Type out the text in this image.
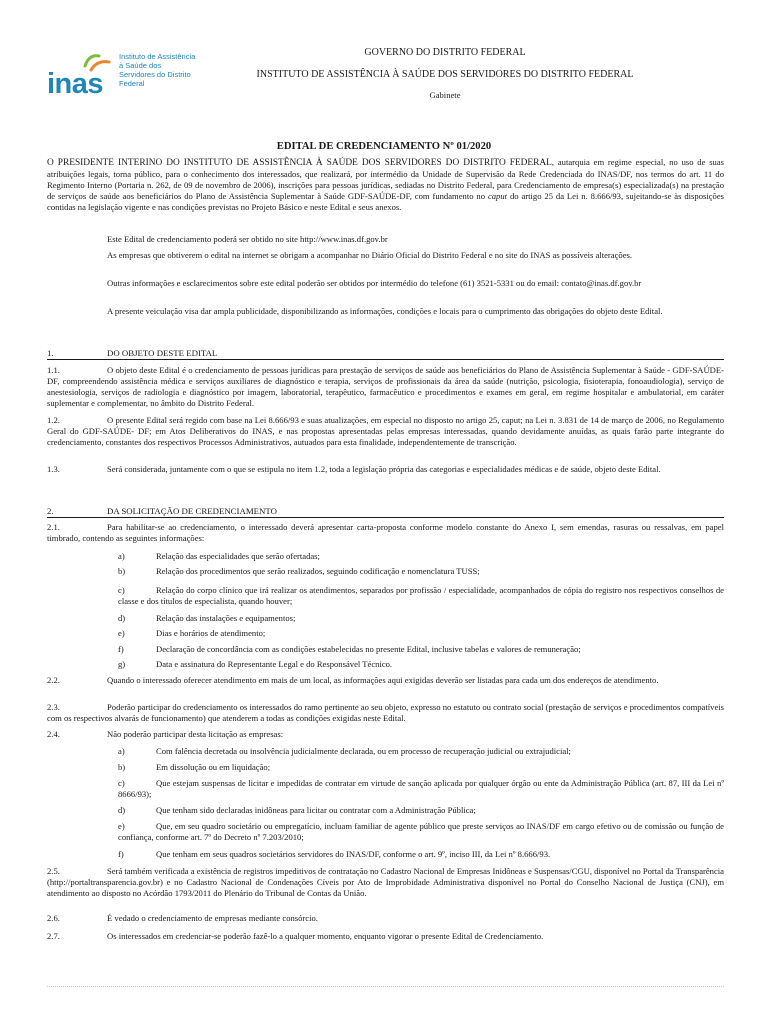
inas
Instituto de Assistência à Saúde dos Servidores do Distrito Federal
GOVERNO DO DISTRITO FEDERAL
INSTITUTO DE ASSISTÊNCIA À SAÚDE DOS SERVIDORES DO DISTRITO FEDERAL
Gabinete
EDITAL DE CREDENCIAMENTO Nº 01/2020
O PRESIDENTE INTERINO DO INSTITUTO DE ASSISTÊNCIA À SAÚDE DOS SERVIDORES DO DISTRITO FEDERAL, autarquia em regime especial, no uso de suas atribuições legais, torna público, para o conhecimento dos interessados, que realizará, por intermédio da Unidade de Supervisão da Rede Credenciada do INAS/DF, nos termos do art. 11 do Regimento Interno (Portaria n. 262, de 09 de novembro de 2006), inscrições para pessoas jurídicas, sediadas no Distrito Federal, para Credenciamento de empresa(s) especializada(s) na prestação de serviços de saúde aos beneficiários do Plano de Assistência Suplementar à Saúde GDF-SAÚDE-DF, com fundamento no caput do artigo 25 da Lei n. 8.666/93, sujeitando-se às disposições contidas na legislação vigente e nas condições previstas no Projeto Básico e neste Edital e seus anexos.
Este Edital de credenciamento poderá ser obtido no site http://www.inas.df.gov.br
As empresas que obtiverem o edital na internet se obrigam a acompanhar no Diário Oficial do Distrito Federal e no site do INAS as possíveis alterações.
Outras informações e esclarecimentos sobre este edital poderão ser obtidos por intermédio do telefone (61) 3521-5331 ou do email: contato@inas.df.gov.br
A presente veiculação visa dar ampla publicidade, disponibilizando as informações, condições e locais para o cumprimento das obrigações do objeto deste Edital.
1.	DO OBJETO DESTE EDITAL
1.1.	O objeto deste Edital é o credenciamento de pessoas jurídicas para prestação de serviços de saúde aos beneficiários do Plano de Assistência Suplementar à Saúde - GDF-SAÚDE-DF, compreendendo assistência médica e serviços auxiliares de diagnóstico e terapia, serviços de profissionais da área da saúde (nutrição, psicologia, fisioterapia, fonoaudiologia), serviço de anestesiologia, serviços de radiologia e diagnóstico por imagem, laboratorial, terapêutico, farmacêutico e procedimentos e exames em geral, em regime hospitalar e ambulatorial, em caráter suplementar e complementar, no âmbito do Distrito Federal.
1.2.	O presente Edital será regido com base na Lei 8.666/93 e suas atualizações, em especial no disposto no artigo 25, caput; na Lei n. 3.831 de 14 de março de 2006, no Regulamento Geral do GDF-SAÚDE- DF; em Atos Deliberativos do INAS, e nas propostas apresentadas pelas empresas interessadas, quando devidamente anuídas, as quais farão parte integrante do credenciamento, constantes dos respectivos Processos Administrativos, autuados para esta finalidade, independentemente de transcrição.
1.3.	Será considerada, juntamente com o que se estipula no item 1.2, toda a legislação própria das categorias e especialidades médicas e de saúde, objeto deste Edital.
2.	DA SOLICITAÇÃO DE CREDENCIAMENTO
2.1.	Para habilitar-se ao credenciamento, o interessado deverá apresentar carta-proposta conforme modelo constante do Anexo I, sem emendas, rasuras ou ressalvas, em papel timbrado, contendo as seguintes informações:
a)	Relação das especialidades que serão ofertadas;
b)	Relação dos procedimentos que serão realizados, seguindo codificação e nomenclatura TUSS;
c)	Relação do corpo clínico que irá realizar os atendimentos, separados por profissão / especialidade, acompanhados de cópia do registro nos respectivos conselhos de classe e dos títulos de especialista, quando houver;
d)	Relação das instalações e equipamentos;
e)	Dias e horários de atendimento;
f)	Declaração de concordância com as condições estabelecidas no presente Edital, inclusive tabelas e valores de remuneração;
g)	Data e assinatura do Representante Legal e do Responsável Técnico.
2.2.	Quando o interessado oferecer atendimento em mais de um local, as informações aqui exigidas deverão ser listadas para cada um dos endereços de atendimento.
2.3.	Poderão participar do credenciamento os interessados do ramo pertinente ao seu objeto, expresso no estatuto ou contrato social (prestação de serviços e procedimentos compatíveis com os respectivos alvarás de funcionamento) que atenderem a todas as condições exigidas neste Edital.
2.4.	Não poderão participar desta licitação as empresas:
a)	Com falência decretada ou insolvência judicialmente declarada, ou em processo de recuperação judicial ou extrajudicial;
b)	Em dissolução ou em liquidação;
c)	Que estejam suspensas de licitar e impedidas de contratar em virtude de sanção aplicada por qualquer órgão ou ente da Administração Pública (art. 87, III da Lei nº 8666/93);
d)	Que tenham sido declaradas inidôneas para licitar ou contratar com a Administração Pública;
e)	Que, em seu quadro societário ou empregatício, incluam familiar de agente público que preste serviços ao INAS/DF em cargo efetivo ou de comissão ou função de confiança, conforme art. 7º do Decreto nº 7.203/2010;
f)	Que tenham em seus quadros societários servidores do INAS/DF, conforme o art. 9º, inciso III, da Lei nº 8.666/93.
2.5.	Será também verificada a existência de registros impeditivos de contratação no Cadastro Nacional de Empresas Inidôneas e Suspensas/CGU, disponível no Portal da Transparência (http://portaltransparencia.gov.br) e no Cadastro Nacional de Condenações Cíveis por Ato de Improbidade Administrativa disponível no Portal do Conselho Nacional de Justiça (CNJ), em atendimento ao disposto no Acórdão 1793/2011 do Plenário do Tribunal de Contas da União.
2.6.	É vedado o credenciamento de empresas mediante consórcio.
2.7.	Os interessados em credenciar-se poderão fazê-lo a qualquer momento, enquanto vigorar o presente Edital de Credenciamento.
